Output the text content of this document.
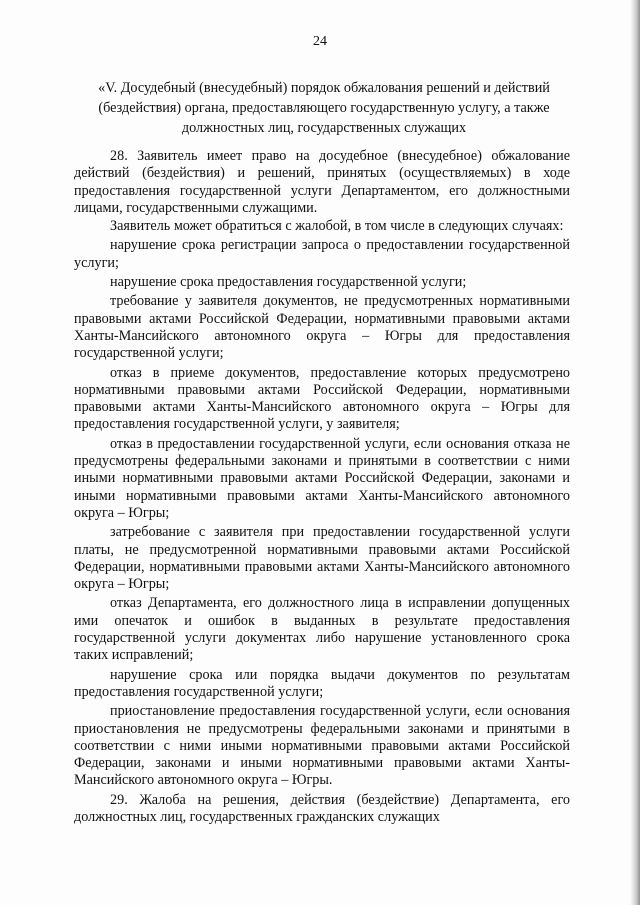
24
«V. Досудебный (внесудебный) порядок обжалования решений и действий (бездействия) органа, предоставляющего государственную услугу, а также должностных лиц, государственных служащих

28. Заявитель имеет право на досудебное (внесудебное) обжалование действий (бездействия) и решений, принятых (осуществляемых) в ходе предоставления государственной услуги Департаментом, его должностными лицами, государственными служащими.

Заявитель может обратиться с жалобой, в том числе в следующих случаях:

нарушение срока регистрации запроса о предоставлении государственной услуги;

нарушение срока предоставления государственной услуги;

требование у заявителя документов, не предусмотренных нормативными правовыми актами Российской Федерации, нормативными правовыми актами Ханты-Мансийского автономного округа – Югры для предоставления государственной услуги;

отказ в приеме документов, предоставление которых предусмотрено нормативными правовыми актами Российской Федерации, нормативными правовыми актами Ханты-Мансийского автономного округа – Югры для предоставления государственной услуги, у заявителя;

отказ в предоставлении государственной услуги, если основания отказа не предусмотрены федеральными законами и принятыми в соответствии с ними иными нормативными правовыми актами Российской Федерации, законами и иными нормативными правовыми актами Ханты-Мансийского автономного округа – Югры;

затребование с заявителя при предоставлении государственной услуги платы, не предусмотренной нормативными правовыми актами Российской Федерации, нормативными правовыми актами Ханты-Мансийского автономного округа – Югры;

отказ Департамента, его должностного лица в исправлении допущенных ими опечаток и ошибок в выданных в результате предоставления государственной услуги документах либо нарушение установленного срока таких исправлений;

нарушение срока или порядка выдачи документов по результатам предоставления государственной услуги;

приостановление предоставления государственной услуги, если основания приостановления не предусмотрены федеральными законами и принятыми в соответствии с ними иными нормативными правовыми актами Российской Федерации, законами и иными нормативными правовыми актами Ханты-Мансийского автономного округа – Югры.

29. Жалоба на решения, действия (бездействие) Департамента, его должностных лиц, государственных гражданских служащих
